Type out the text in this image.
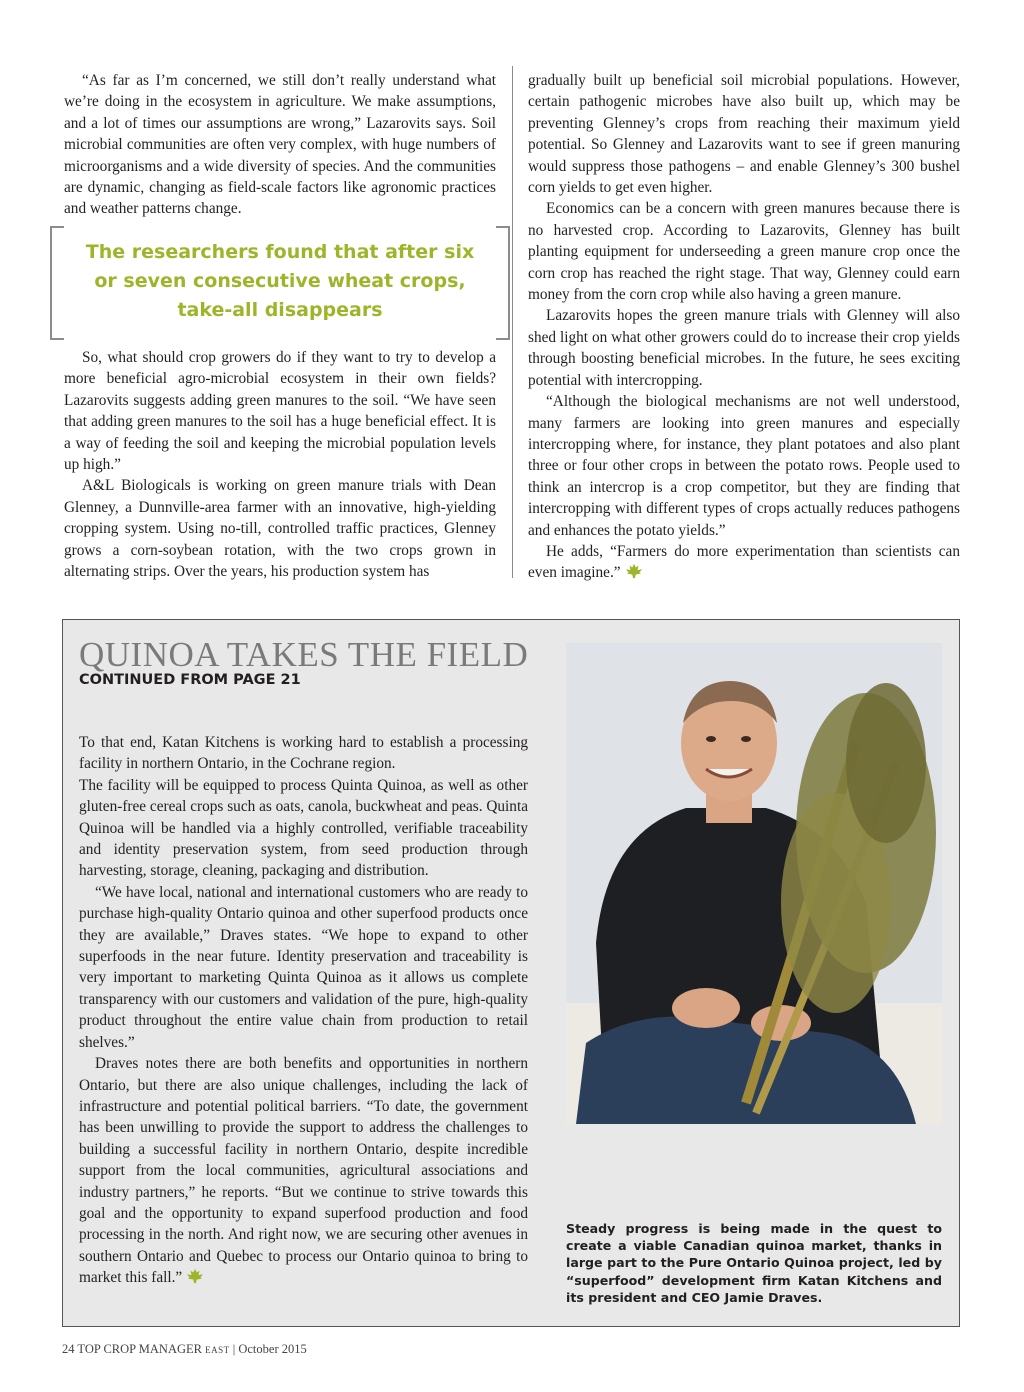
“As far as I’m concerned, we still don’t really understand what we’re doing in the ecosystem in agriculture. We make assumptions, and a lot of times our assumptions are wrong,” Lazarovits says. Soil microbial communities are often very complex, with huge numbers of microorganisms and a wide diversity of species. And the communities are dynamic, changing as field-scale factors like agronomic practices and weather patterns change.

The researchers found that after six
or seven consecutive wheat crops,
take-all disappears

So, what should crop growers do if they want to try to develop a more beneficial agro-microbial ecosystem in their own fields? Lazarovits suggests adding green manures to the soil. “We have seen that adding green manures to the soil has a huge beneficial effect. It is a way of feeding the soil and keeping the microbial population levels up high.”

A&L Biologicals is working on green manure trials with Dean Glenney, a Dunnville-area farmer with an innovative, high-yielding cropping system. Using no-till, controlled traffic practices, Glenney grows a corn-soybean rotation, with the two crops grown in alternating strips. Over the years, his production system has

gradually built up beneficial soil microbial populations. However, certain pathogenic microbes have also built up, which may be preventing Glenney’s crops from reaching their maximum yield potential. So Glenney and Lazarovits want to see if green manuring would suppress those pathogens – and enable Glenney’s 300 bushel corn yields to get even higher.

Economics can be a concern with green manures because there is no harvested crop. According to Lazarovits, Glenney has built planting equipment for underseeding a green manure crop once the corn crop has reached the right stage. That way, Glenney could earn money from the corn crop while also having a green manure.

Lazarovits hopes the green manure trials with Glenney will also shed light on what other growers could do to increase their crop yields through boosting beneficial microbes. In the future, he sees exciting potential with intercropping.

“Although the biological mechanisms are not well understood, many farmers are looking into green manures and especially intercropping where, for instance, they plant potatoes and also plant three or four other crops in between the potato rows. People used to think an intercrop is a crop competitor, but they are finding that intercropping with different types of crops actually reduces pathogens and enhances the potato yields.”

He adds, “Farmers do more experimentation than scientists can even imagine.”

QUINOA TAKES THE FIELD
CONTINUED FROM PAGE 21

To that end, Katan Kitchens is working hard to establish a processing facility in northern Ontario, in the Cochrane region.

The facility will be equipped to process Quinta Quinoa, as well as other gluten-free cereal crops such as oats, canola, buckwheat and peas. Quinta Quinoa will be handled via a highly controlled, verifiable traceability and identity preservation system, from seed production through harvesting, storage, cleaning, packaging and distribution.

“We have local, national and international customers who are ready to purchase high-quality Ontario quinoa and other superfood products once they are available,” Draves states. “We hope to expand to other superfoods in the near future. Identity preservation and traceability is very important to marketing Quinta Quinoa as it allows us complete transparency with our customers and validation of the pure, high-quality product throughout the entire value chain from production to retail shelves.”

Draves notes there are both benefits and opportunities in northern Ontario, but there are also unique challenges, including the lack of infrastructure and potential political barriers. “To date, the government has been unwilling to provide the support to address the challenges to building a successful facility in northern Ontario, despite incredible support from the local communities, agricultural associations and industry partners,” he reports. “But we continue to strive towards this goal and the opportunity to expand superfood production and food processing in the north. And right now, we are securing other avenues in southern Ontario and Quebec to process our Ontario quinoa to bring to market this fall.”

Steady progress is being made in the quest to create a viable Canadian quinoa market, thanks in large part to the Pure Ontario Quinoa project, led by “superfood” development firm Katan Kitchens and its president and CEO Jamie Draves.
24 TOP CROP MANAGER EAST | October 2015
